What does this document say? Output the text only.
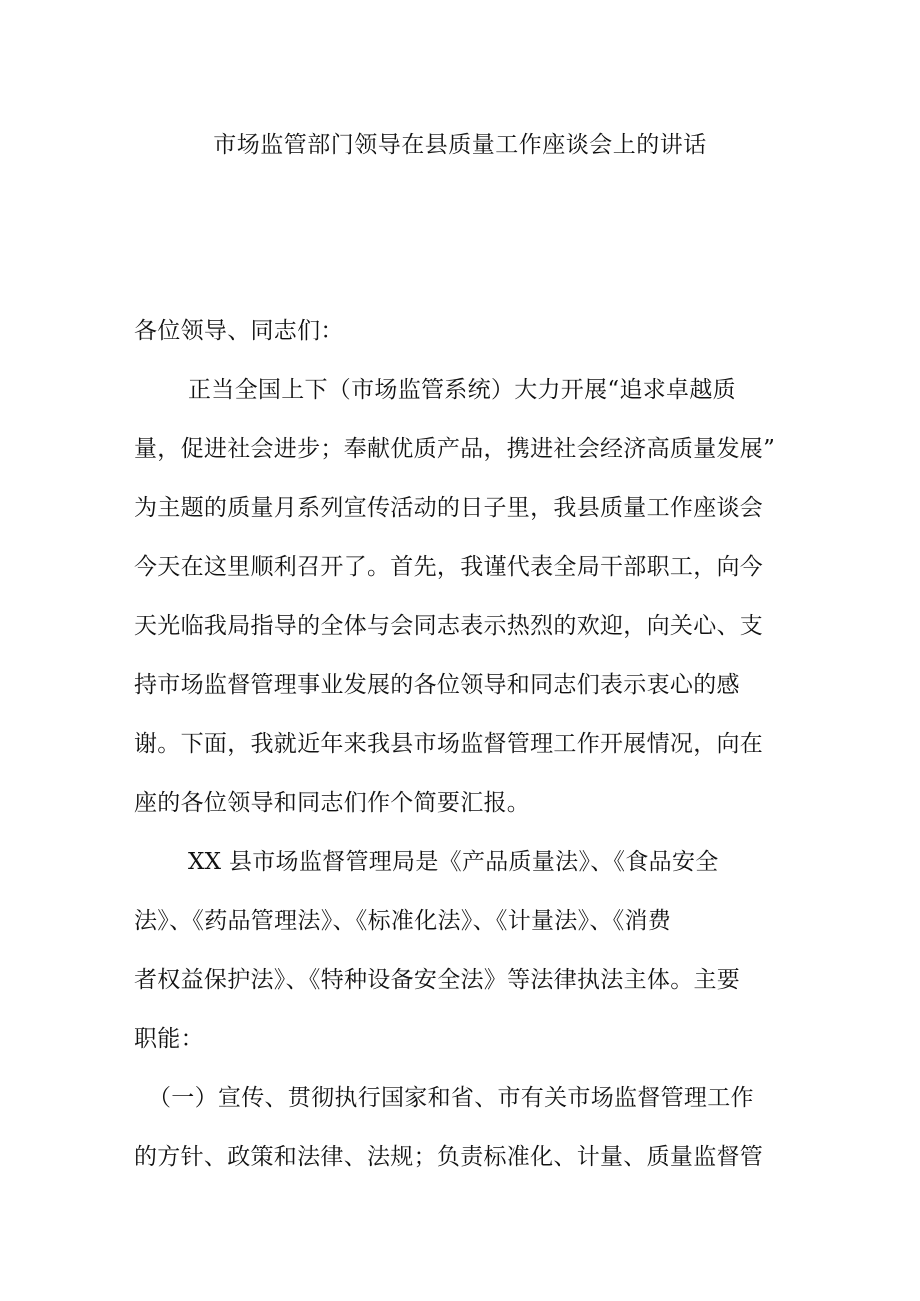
市场监管部门领导在县质量工作座谈会上的讲话
各位领导、同志们：
正当全国上下（市场监管系统）大力开展“追求卓越质
量，促进社会进步；奉献优质产品，携进社会经济高质量发展”
为主题的质量月系列宣传活动的日子里，我县质量工作座谈会
今天在这里顺利召开了。首先，我谨代表全局干部职工，向今
天光临我局指导的全体与会同志表示热烈的欢迎，向关心、支
持市场监督管理事业发展的各位领导和同志们表示衷心的感
谢。下面，我就近年来我县市场监督管理工作开展情况，向在
座的各位领导和同志们作个简要汇报。
XX 县市场监督管理局是《产品质量法》、《食品安全
法》、《药品管理法》、《标准化法》、《计量法》、《消费
者权益保护法》、《特种设备安全法》等法律执法主体。主要
职能：
（一）宣传、贯彻执行国家和省、市有关市场监督管理工作
的方针、政策和法律、法规；负责标准化、计量、质量监督管
